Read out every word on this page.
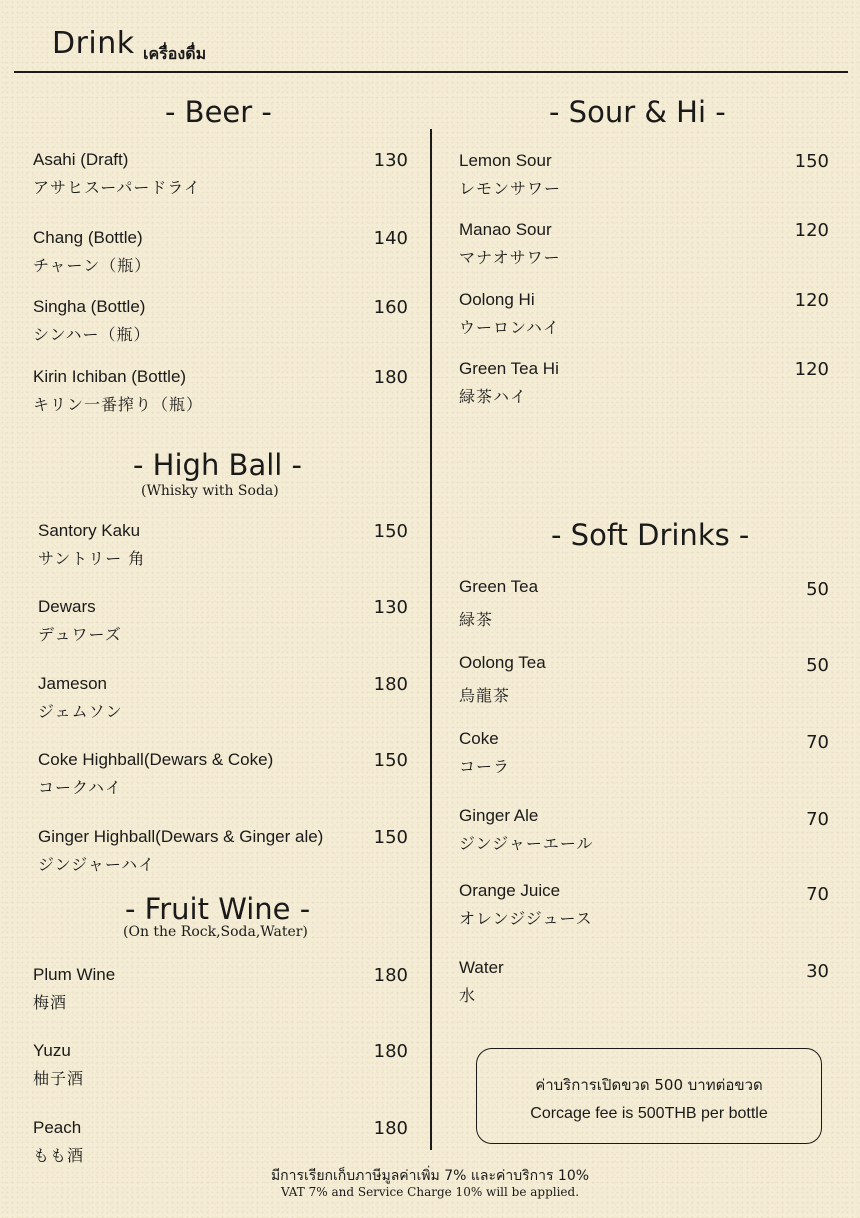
Drink เครื่องดื่ม
- Beer -
Asahi (Draft)
アサヒスーパードライ
130
Chang (Bottle)
チャーン（瓶）
140
Singha (Bottle)
シンハー（瓶）
160
Kirin Ichiban (Bottle)
キリン一番搾り（瓶）
180
- High Ball -
(Whisky with Soda)
Santory Kaku
サントリー 角
150
Dewars
デュワーズ
130
Jameson
ジェムソン
180
Coke Highball(Dewars & Coke)
コークハイ
150
Ginger Highball(Dewars & Ginger ale)
ジンジャーハイ
150
- Fruit Wine -
(On the Rock,Soda,Water)
Plum Wine
梅酒
180
Yuzu
柚子酒
180
Peach
もも酒
180
- Sour & Hi -
Lemon Sour
レモンサワー
150
Manao Sour
マナオサワー
120
Oolong Hi
ウーロンハイ
120
Green Tea Hi
緑茶ハイ
120
- Soft Drinks -
Green Tea
緑茶
50
Oolong Tea
烏龍茶
50
Coke
コーラ
70
Ginger Ale
ジンジャーエール
70
Orange Juice
オレンジジュース
70
Water
水
30
ค่าบริการเปิดขวด 500 บาทต่อขวด
Corcage fee is 500THB per bottle
มีการเรียกเก็บภาษีมูลค่าเพิ่ม 7% และค่าบริการ 10%
VAT 7% and Service Charge 10% will be applied.
